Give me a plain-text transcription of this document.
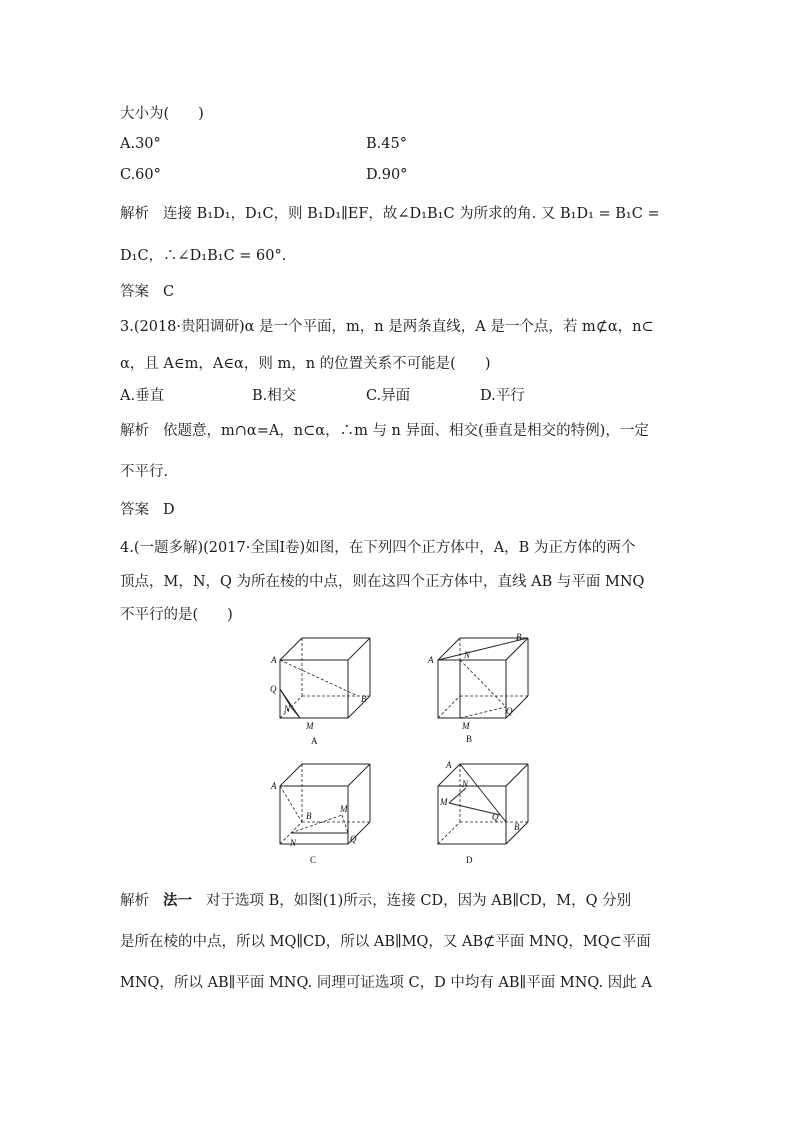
大小为(　　)
A.30°	B.45°
C.60°	D.90°
解析 连接 B₁D₁，D₁C，则 B₁D₁∥EF，故∠D₁B₁C 为所求的角. 又 B₁D₁ = B₁C =
D₁C，∴∠D₁B₁C = 60°.
答案 C
3.(2018·贵阳调研)α 是一个平面，m，n 是两条直线，A 是一个点，若 m⊄α，n⊂
α，且 A∈m，A∈α，则 m，n 的位置关系不可能是(　　)
A.垂直	B.相交	C.异面	D.平行
解析 依题意，m∩α=A，n⊂α，∴m 与 n 异面、相交(垂直是相交的特例)，一定
不平行.
答案 D
4.(一题多解)(2017·全国Ⅰ卷)如图，在下列四个正方体中，A，B 为正方体的两个
顶点，M，N，Q 为所在棱的中点，则在这四个正方体中，直线 AB 与平面 MNQ
不平行的是(　　)
A
Q
N
M
B
A
A
B
N
M
Q
B
A
M
B
N	Q
C
A
N
M
Q
B
D
解析 法一 对于选项 B，如图(1)所示，连接 CD，因为 AB∥CD，M，Q 分别
是所在棱的中点，所以 MQ∥CD，所以 AB∥MQ，又 AB⊄平面 MNQ，MQ⊂平面
MNQ，所以 AB∥平面 MNQ. 同理可证选项 C，D 中均有 AB∥平面 MNQ. 因此 A
